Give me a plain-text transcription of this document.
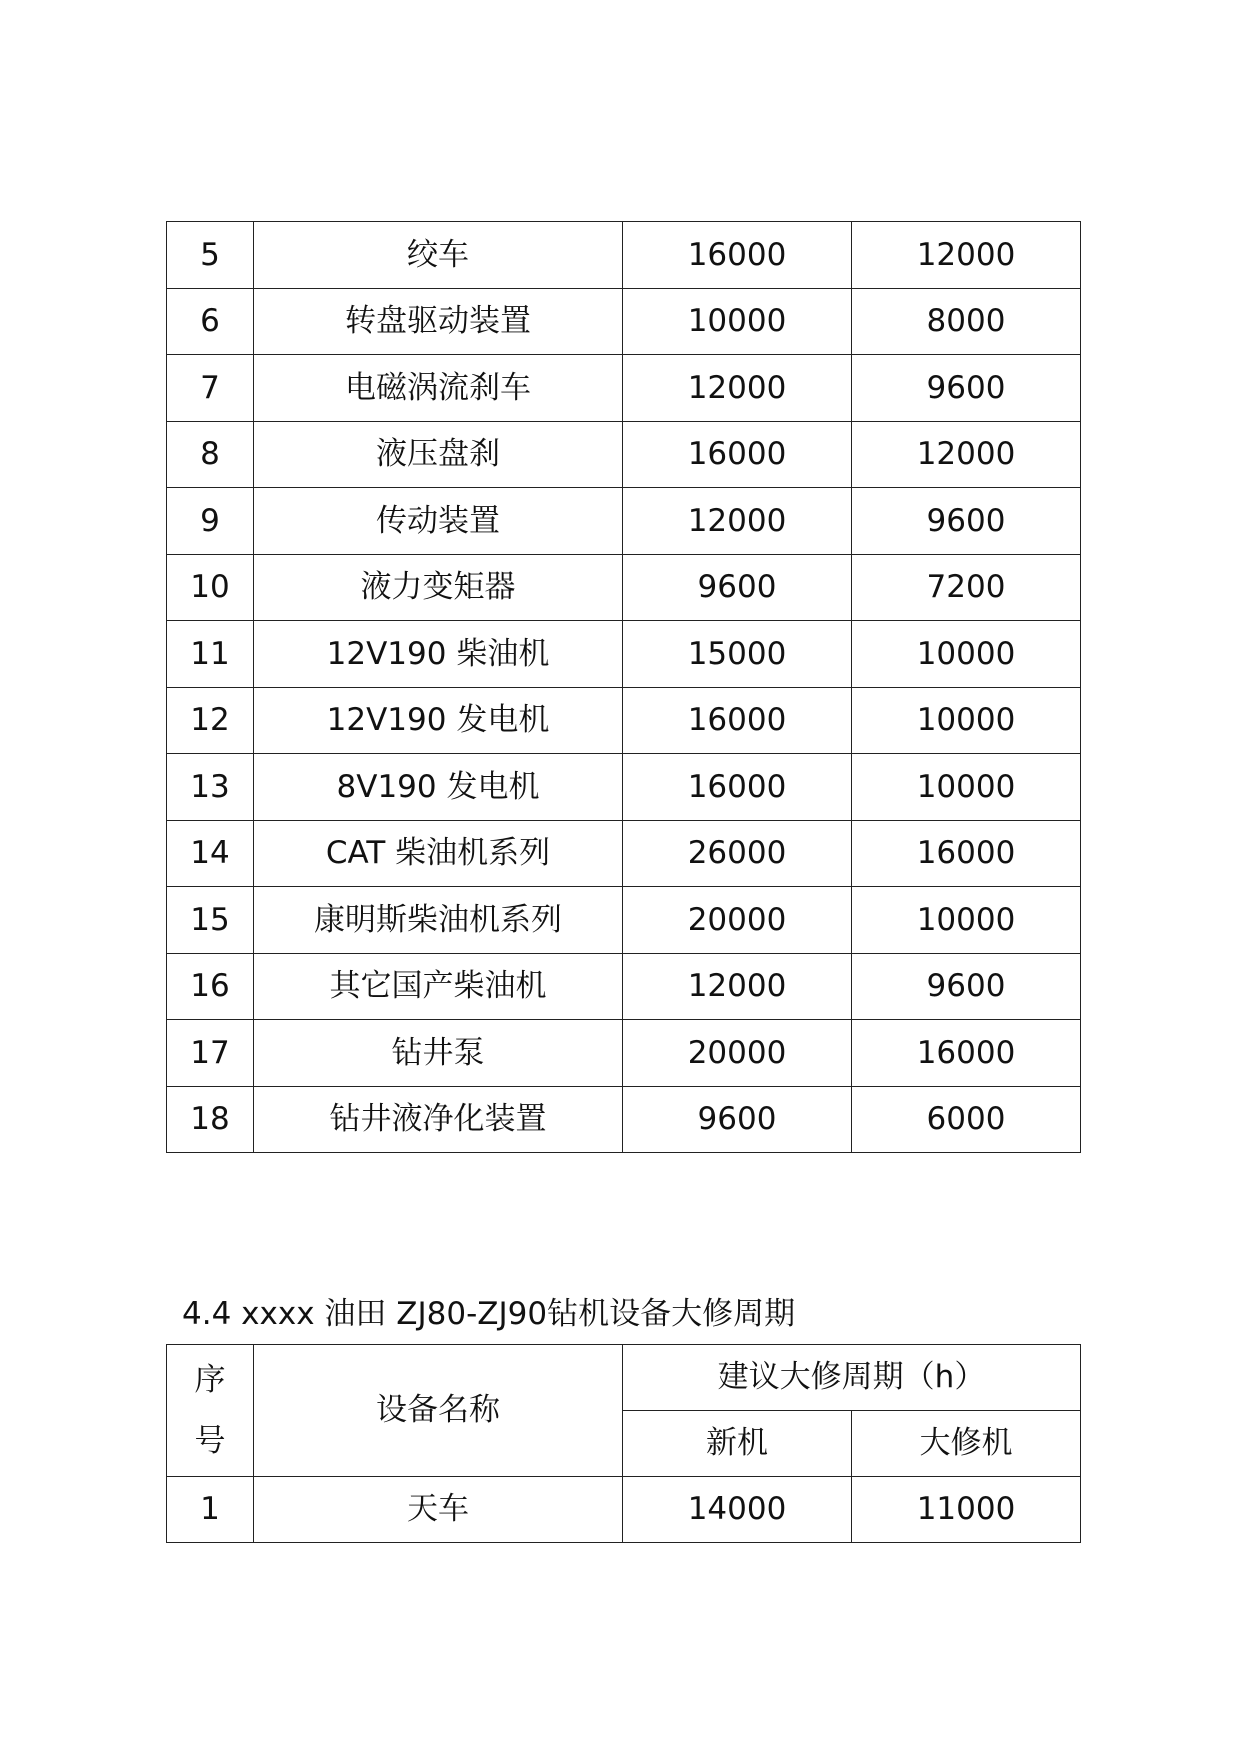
5	绞车	16000	12000
6	转盘驱动装置	10000	8000
7	电磁涡流刹车	12000	9600
8	液压盘刹	16000	12000
9	传动装置	12000	9600
10	液力变矩器	9600	7200
11	12V190 柴油机	15000	10000
12	12V190 发电机	16000	10000
13	8V190 发电机	16000	10000
14	CAT 柴油机系列	26000	16000
15	康明斯柴油机系列	20000	10000
16	其它国产柴油机	12000	9600
17	钻井泵	20000	16000
18	钻井液净化装置	9600	6000
4.4 xxxx 油田 ZJ80-ZJ90钻机设备大修周期
序
号	设备名称	建议大修周期（h）	
		新机	大修机
1	天车	14000	11000
